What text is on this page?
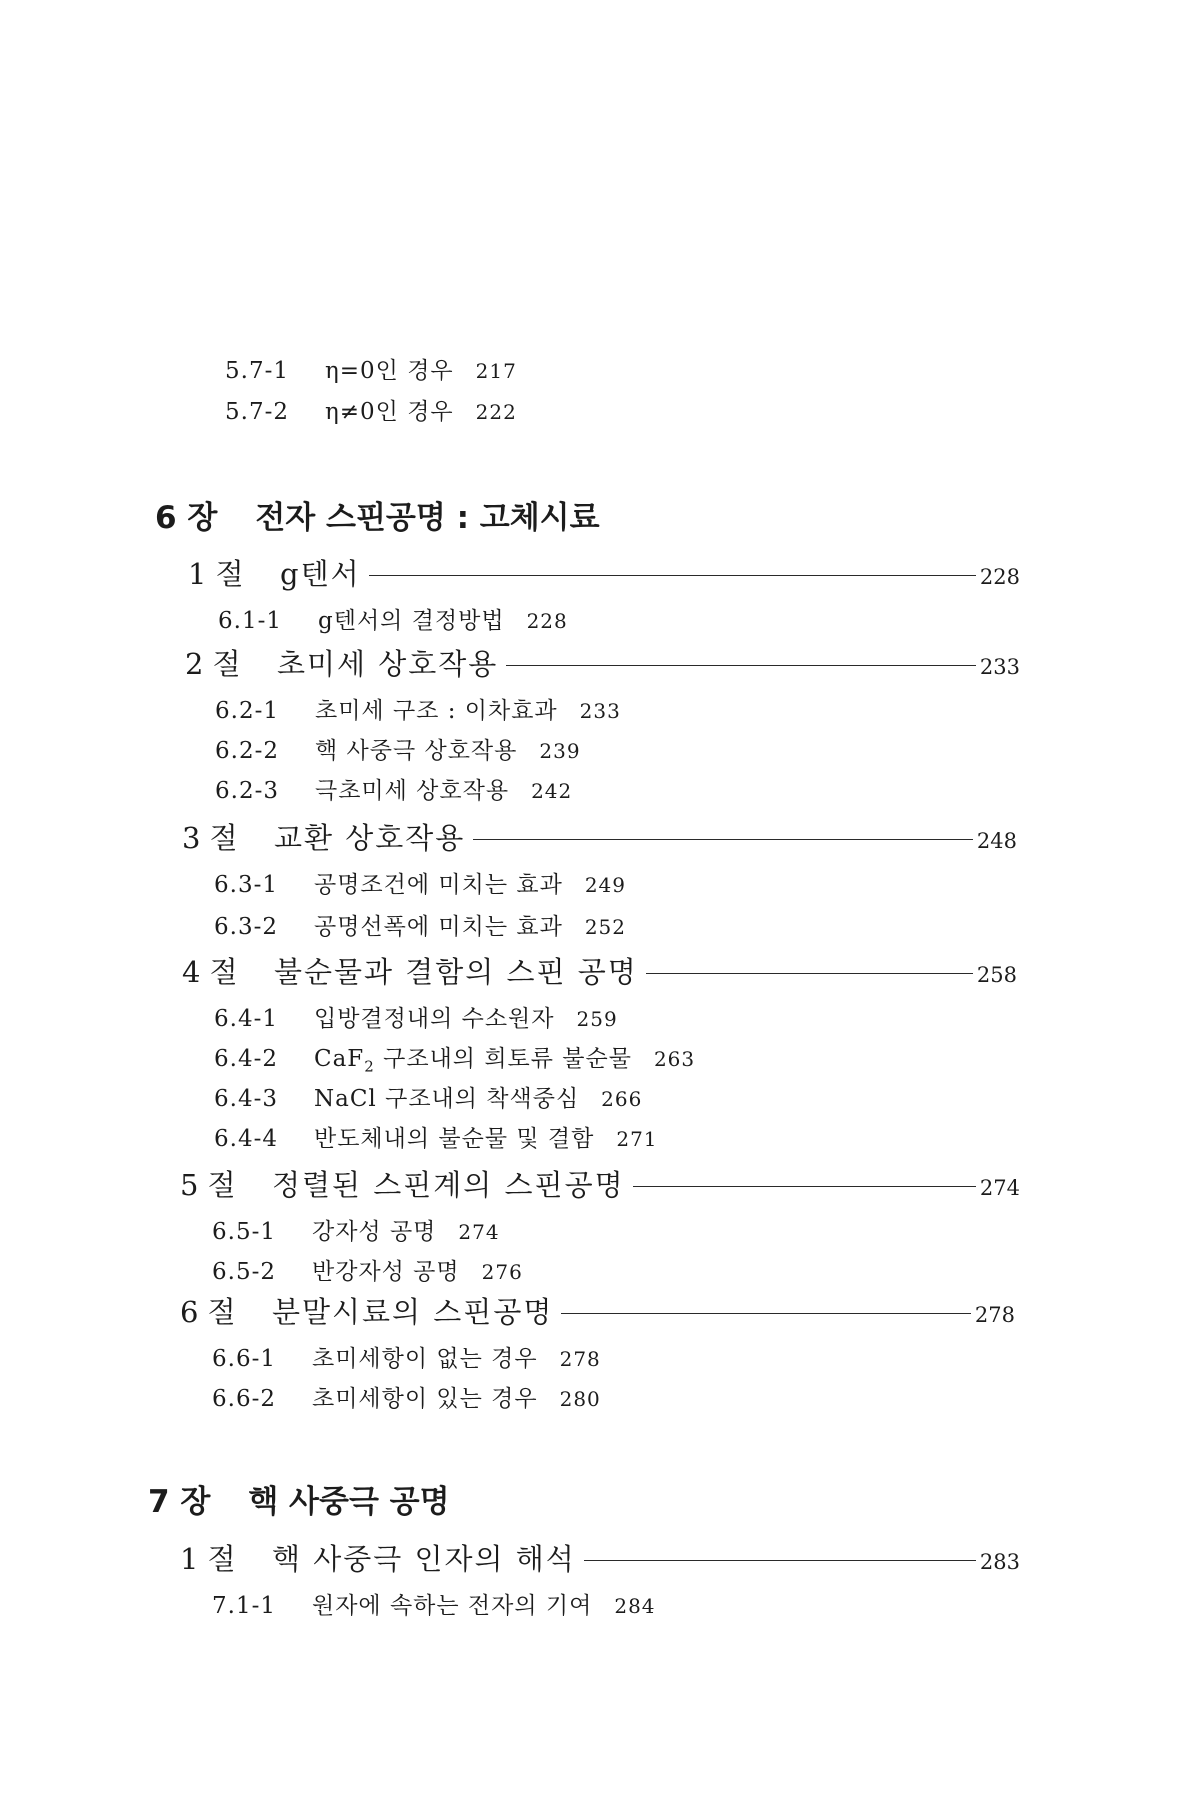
5.7-1 η=0인 경우 217
5.7-2 η≠0인 경우 222
6 장 전자 스핀공명 : 고체시료
1 절	g텐서	228
6.1-1 g텐서의 결정방법 228
2 절	초미세 상호작용	233
6.2-1 초미세 구조 : 이차효과 233
6.2-2 핵 사중극 상호작용 239
6.2-3 극초미세 상호작용 242
3 절	교환 상호작용	248
6.3-1 공명조건에 미치는 효과 249
6.3-2 공명선폭에 미치는 효과 252
4 절	불순물과 결함의 스핀 공명	258
6.4-1 입방결정내의 수소원자 259
6.4-2 CaF$_2$ 구조내의 희토류 불순물 263
6.4-3 NaCl 구조내의 착색중심 266
6.4-4 반도체내의 불순물 및 결함 271
5 절	정렬된 스핀계의 스핀공명	274
6.5-1 강자성 공명 274
6.5-2 반강자성 공명 276
6 절	분말시료의 스핀공명	278
6.6-1 초미세항이 없는 경우 278
6.6-2 초미세항이 있는 경우 280
7 장 핵 사중극 공명
1 절	핵 사중극 인자의 해석	283
7.1-1 원자에 속하는 전자의 기여 284
